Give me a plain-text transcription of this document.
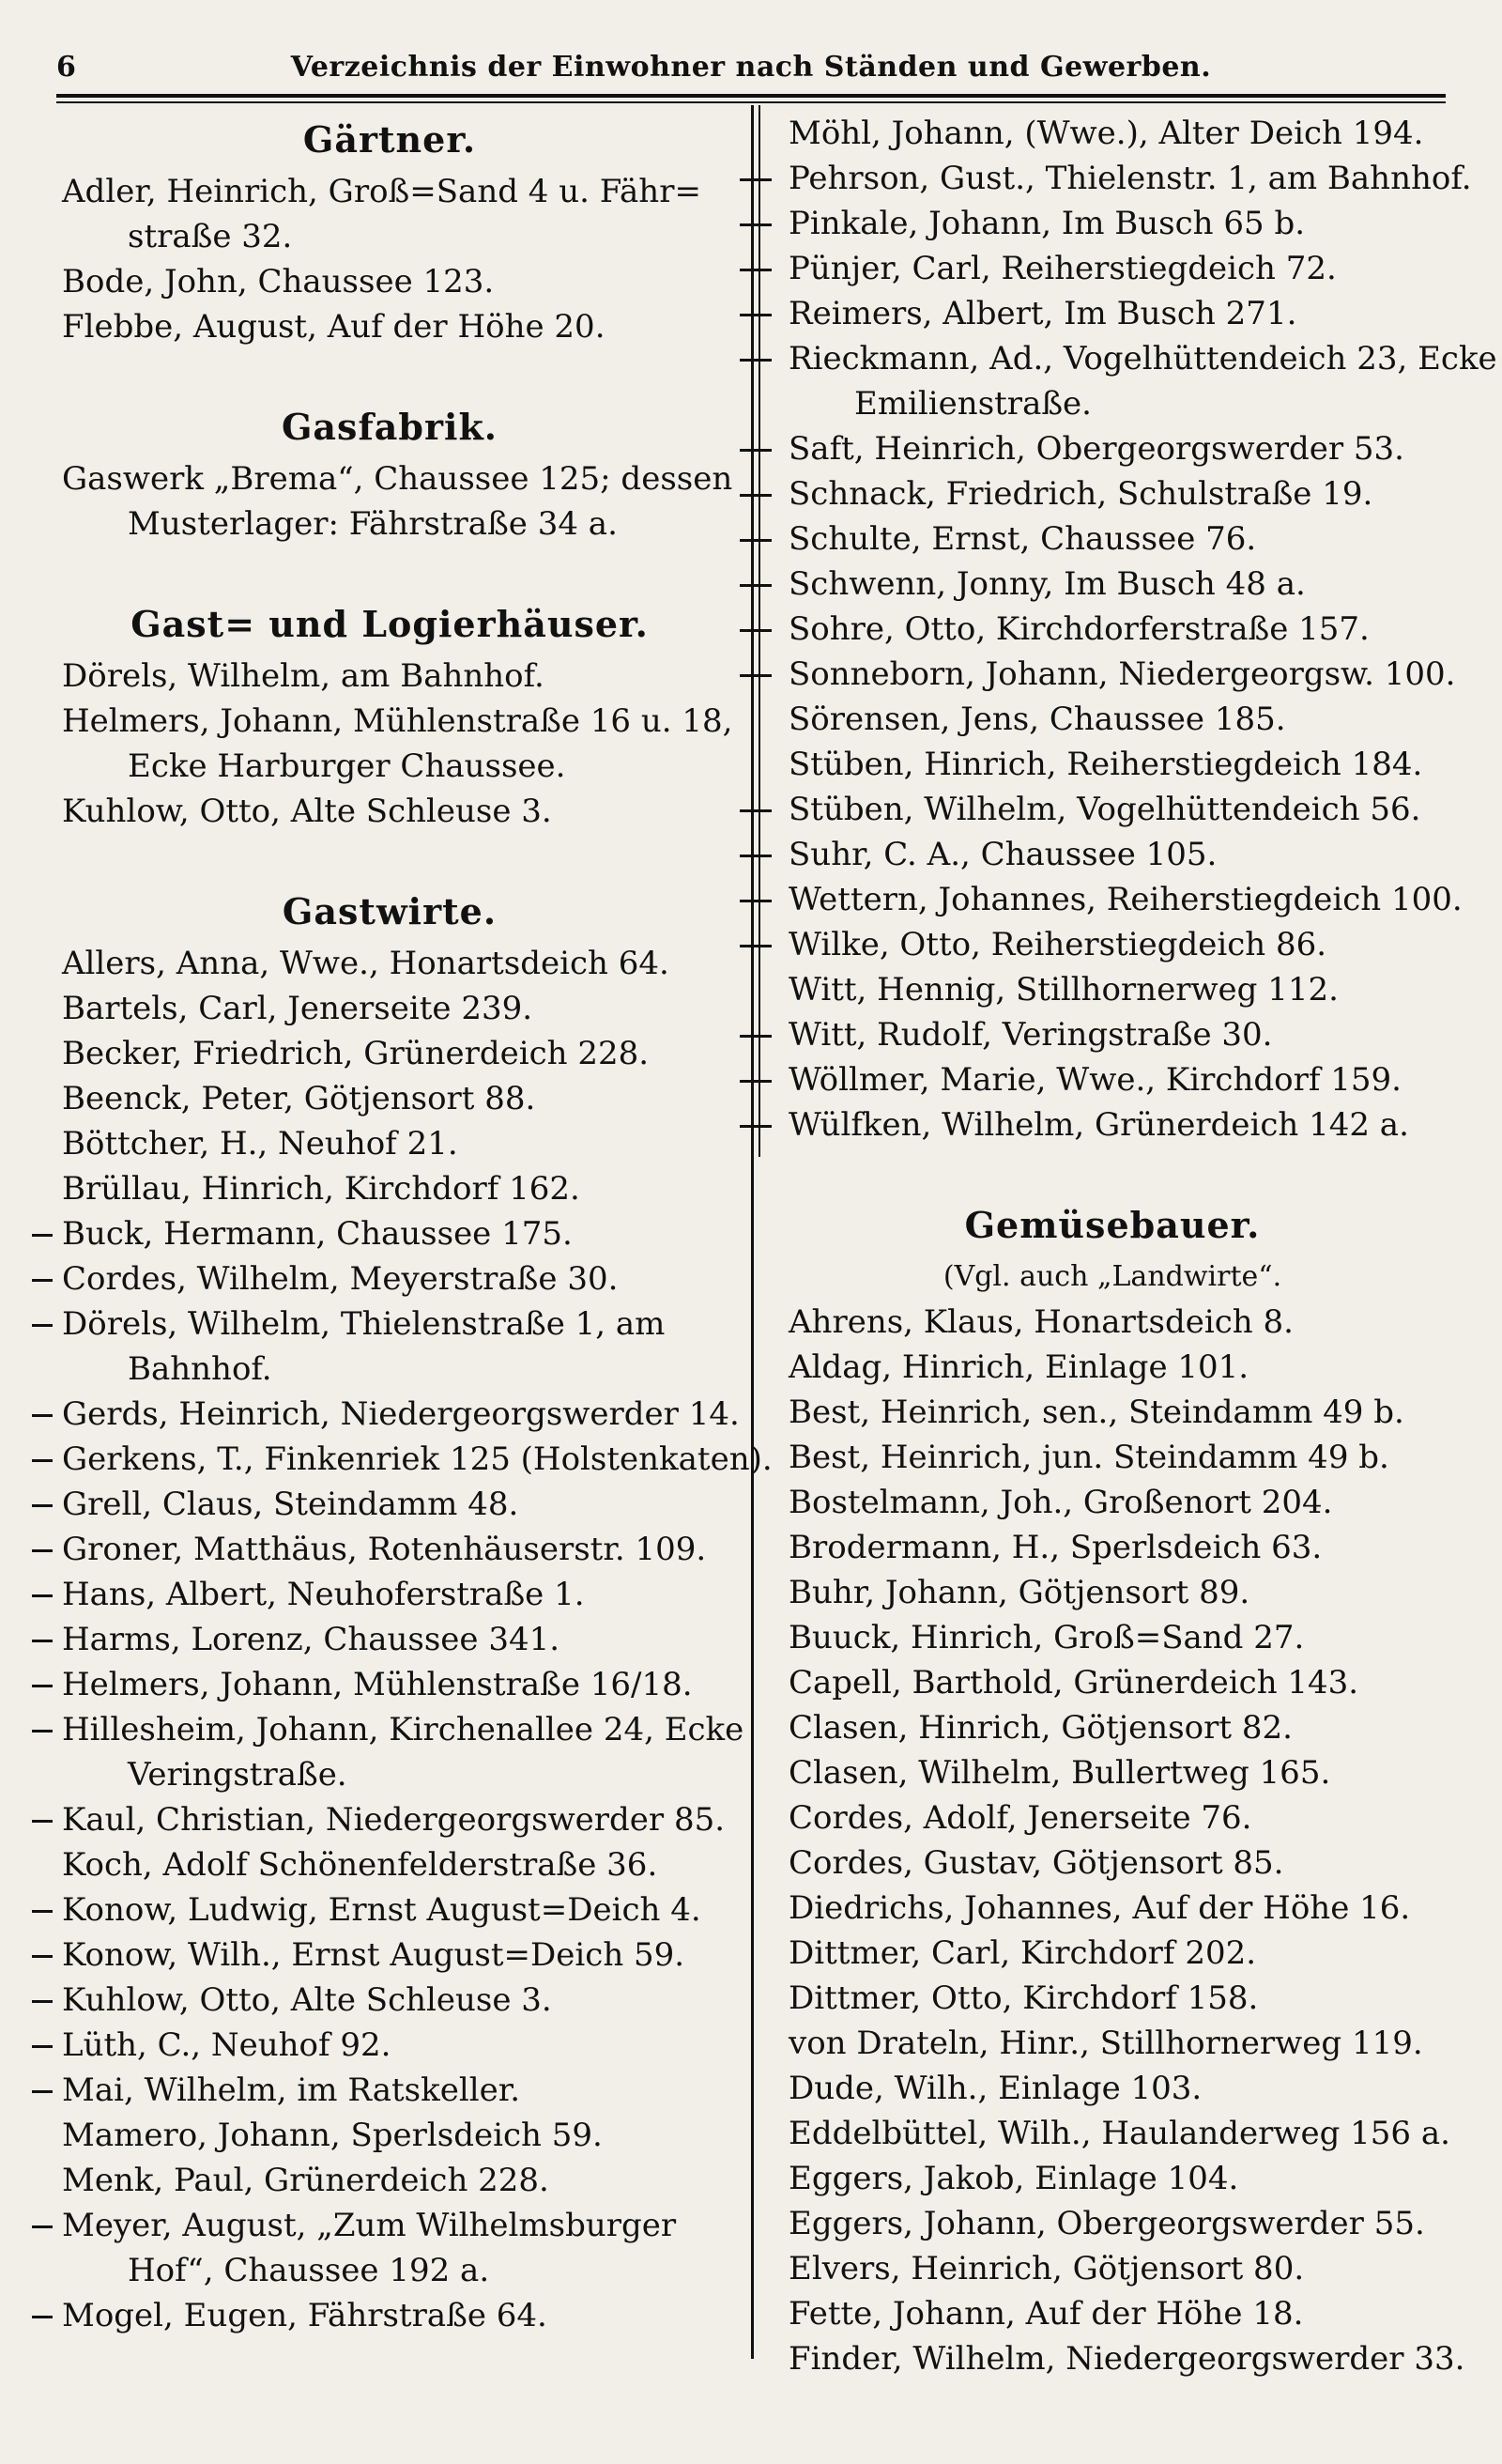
6	Verzeichnis der Einwohner nach Ständen und Gewerben.
Gärtner.
Adler, Heinrich, Groß=Sand 4 u. Fähr=
straße 32.
Bode, John, Chaussee 123.
Flebbe, August, Auf der Höhe 20.
Gasfabrik.
Gaswerk „Brema“, Chaussee 125; dessen
Musterlager: Fährstraße 34 a.
Gast= und Logierhäuser.
Dörels, Wilhelm, am Bahnhof.
Helmers, Johann, Mühlenstraße 16 u. 18,
Ecke Harburger Chaussee.
Kuhlow, Otto, Alte Schleuse 3.
Gastwirte.
Allers, Anna, Wwe., Honartsdeich 64.
Bartels, Carl, Jenerseite 239.
Becker, Friedrich, Grünerdeich 228.
Beenck, Peter, Götjensort 88.
Böttcher, H., Neuhof 21.
Brüllau, Hinrich, Kirchdorf 162.
Buck, Hermann, Chaussee 175.
Cordes, Wilhelm, Meyerstraße 30.
Dörels, Wilhelm, Thielenstraße 1, am
Bahnhof.
Gerds, Heinrich, Niedergeorgswerder 14.
Gerkens, T., Finkenriek 125 (Holstenkaten).
Grell, Claus, Steindamm 48.
Groner, Matthäus, Rotenhäuserstr. 109.
Hans, Albert, Neuhoferstraße 1.
Harms, Lorenz, Chaussee 341.
Helmers, Johann, Mühlenstraße 16/18.
Hillesheim, Johann, Kirchenallee 24, Ecke
Veringstraße.
Kaul, Christian, Niedergeorgswerder 85.
Koch, Adolf Schönenfelderstraße 36.
Konow, Ludwig, Ernst August=Deich 4.
Konow, Wilh., Ernst August=Deich 59.
Kuhlow, Otto, Alte Schleuse 3.
Lüth, C., Neuhof 92.
Mai, Wilhelm, im Ratskeller.
Mamero, Johann, Sperlsdeich 59.
Menk, Paul, Grünerdeich 228.
Meyer, August, „Zum Wilhelmsburger
Hof“, Chaussee 192 a.
Mogel, Eugen, Fährstraße 64.
Möhl, Johann, (Wwe.), Alter Deich 194.
Pehrson, Gust., Thielenstr. 1, am Bahnhof.
Pinkale, Johann, Im Busch 65 b.
Pünjer, Carl, Reiherstiegdeich 72.
Reimers, Albert, Im Busch 271.
Rieckmann, Ad., Vogelhüttendeich 23, Ecke
Emilienstraße.
Saft, Heinrich, Obergeorgswerder 53.
Schnack, Friedrich, Schulstraße 19.
Schulte, Ernst, Chaussee 76.
Schwenn, Jonny, Im Busch 48 a.
Sohre, Otto, Kirchdorferstraße 157.
Sonneborn, Johann, Niedergeorgsw. 100.
Sörensen, Jens, Chaussee 185.
Stüben, Hinrich, Reiherstiegdeich 184.
Stüben, Wilhelm, Vogelhüttendeich 56.
Suhr, C. A., Chaussee 105.
Wettern, Johannes, Reiherstiegdeich 100.
Wilke, Otto, Reiherstiegdeich 86.
Witt, Hennig, Stillhornerweg 112.
Witt, Rudolf, Veringstraße 30.
Wöllmer, Marie, Wwe., Kirchdorf 159.
Wülfken, Wilhelm, Grünerdeich 142 a.
Gemüsebauer.
(Vgl. auch „Landwirte“.
Ahrens, Klaus, Honartsdeich 8.
Aldag, Hinrich, Einlage 101.
Best, Heinrich, sen., Steindamm 49 b.
Best, Heinrich, jun. Steindamm 49 b.
Bostelmann, Joh., Großenort 204.
Brodermann, H., Sperlsdeich 63.
Buhr, Johann, Götjensort 89.
Buuck, Hinrich, Groß=Sand 27.
Capell, Barthold, Grünerdeich 143.
Clasen, Hinrich, Götjensort 82.
Clasen, Wilhelm, Bullertweg 165.
Cordes, Adolf, Jenerseite 76.
Cordes, Gustav, Götjensort 85.
Diedrichs, Johannes, Auf der Höhe 16.
Dittmer, Carl, Kirchdorf 202.
Dittmer, Otto, Kirchdorf 158.
von Drateln, Hinr., Stillhornerweg 119.
Dude, Wilh., Einlage 103.
Eddelbüttel, Wilh., Haulanderweg 156 a.
Eggers, Jakob, Einlage 104.
Eggers, Johann, Obergeorgswerder 55.
Elvers, Heinrich, Götjensort 80.
Fette, Johann, Auf der Höhe 18.
Finder, Wilhelm, Niedergeorgswerder 33.
